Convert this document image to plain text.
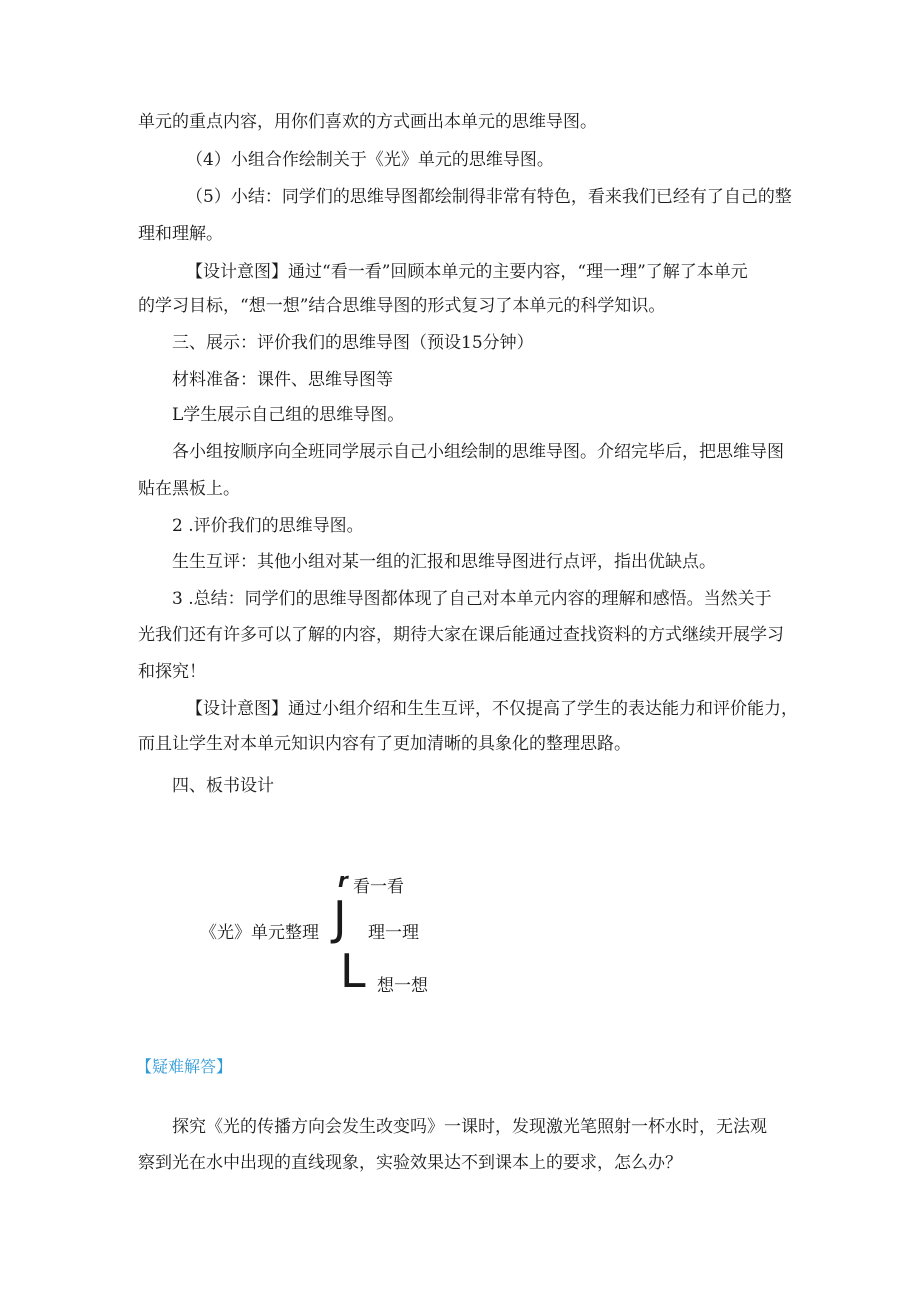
单元的重点内容，用你们喜欢的方式画出本单元的思维导图。
（4）小组合作绘制关于《光》单元的思维导图。
（5）小结：同学们的思维导图都绘制得非常有特色，看来我们已经有了自己的整
理和理解。
【设计意图】通过“看一看”回顾本单元的主要内容，“理一理”了解了本单元
的学习目标，“想一想”结合思维导图的形式复习了本单元的科学知识。
三、展示：评价我们的思维导图（预设15分钟）
材料准备：课件、思维导图等
L学生展示自己组的思维导图。
各小组按顺序向全班同学展示自己小组绘制的思维导图。介绍完毕后，把思维导图
贴在黑板上。
2 .评价我们的思维导图。
生生互评：其他小组对某一组的汇报和思维导图进行点评，指出优缺点。
3 .总结：同学们的思维导图都体现了自己对本单元内容的理解和感悟。当然关于
光我们还有许多可以了解的内容，期待大家在课后能通过查找资料的方式继续开展学习
和探究！
【设计意图】通过小组介绍和生生互评，不仅提高了学生的表达能力和评价能力，
而且让学生对本单元知识内容有了更加清晰的具象化的整理思路。
四、板书设计
《光》单元整理
r
J
L
看一看
理一理
想一想
【疑难解答】
探究《光的传播方向会发生改变吗》一课时，发现激光笔照射一杯水时，无法观
察到光在水中出现的直线现象，实验效果达不到课本上的要求，怎么办？
